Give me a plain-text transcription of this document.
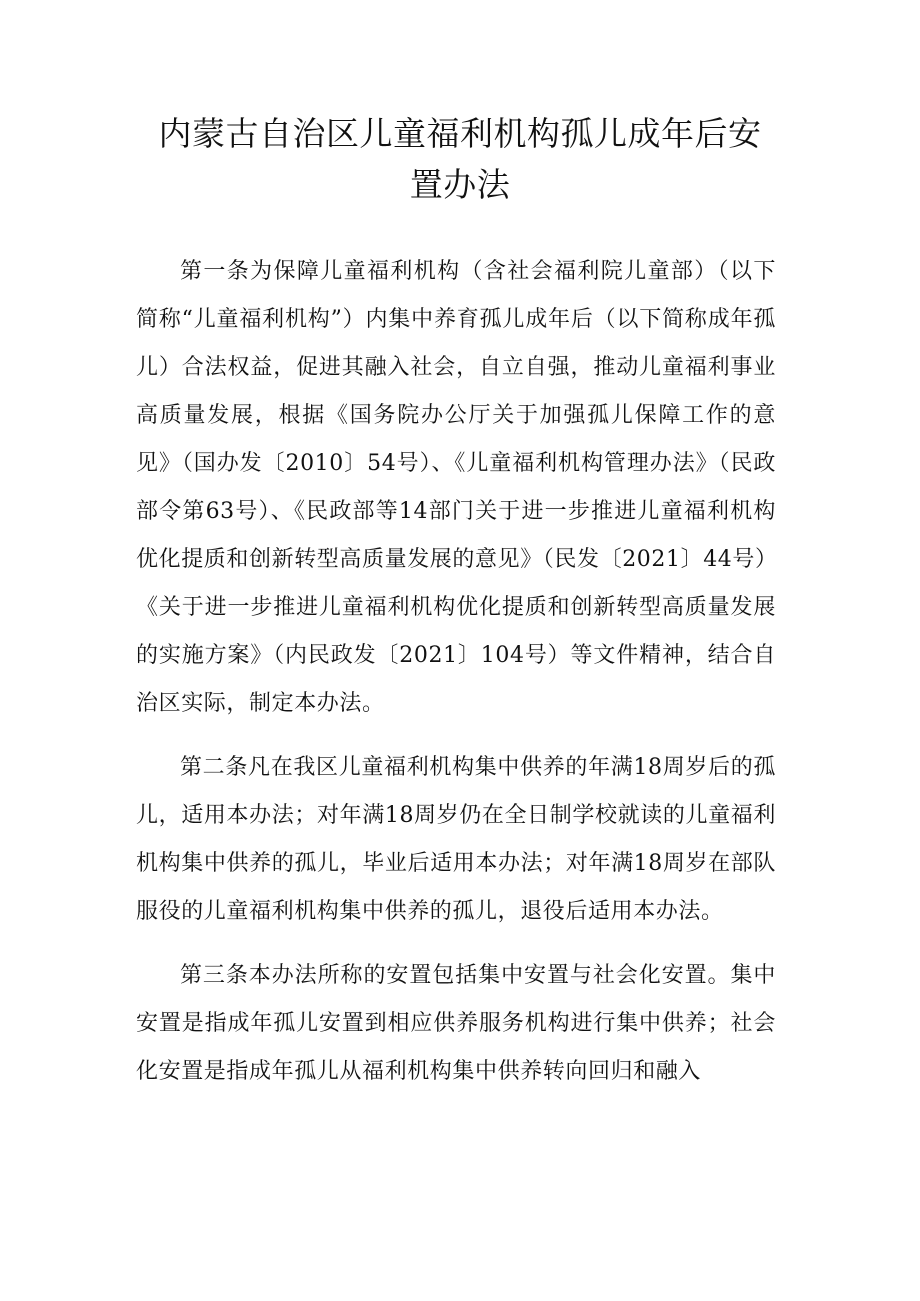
内蒙古自治区儿童福利机构孤儿成年后安
置办法

第一条为保障儿童福利机构（含社会福利院儿童部）（以下简称“儿童福利机构”）内集中养育孤儿成年后（以下简称成年孤儿）合法权益，促进其融入社会，自立自强，推动儿童福利事业高质量发展，根据《国务院办公厅关于加强孤儿保障工作的意见》（国办发〔2010〕54号）、《儿童福利机构管理办法》（民政部令第63号）、《民政部等14部门关于进一步推进儿童福利机构优化提质和创新转型高质量发展的意见》（民发〔2021〕44号）

《关于进一步推进儿童福利机构优化提质和创新转型高质量发展的实施方案》（内民政发〔2021〕104号）等文件精神，结合自治区实际，制定本办法。

第二条凡在我区儿童福利机构集中供养的年满18周岁后的孤儿，适用本办法；对年满18周岁仍在全日制学校就读的儿童福利机构集中供养的孤儿，毕业后适用本办法；对年满18周岁在部队服役的儿童福利机构集中供养的孤儿，退役后适用本办法。

第三条本办法所称的安置包括集中安置与社会化安置。集中安置是指成年孤儿安置到相应供养服务机构进行集中供养；社会化安置是指成年孤儿从福利机构集中供养转向回归和融入
